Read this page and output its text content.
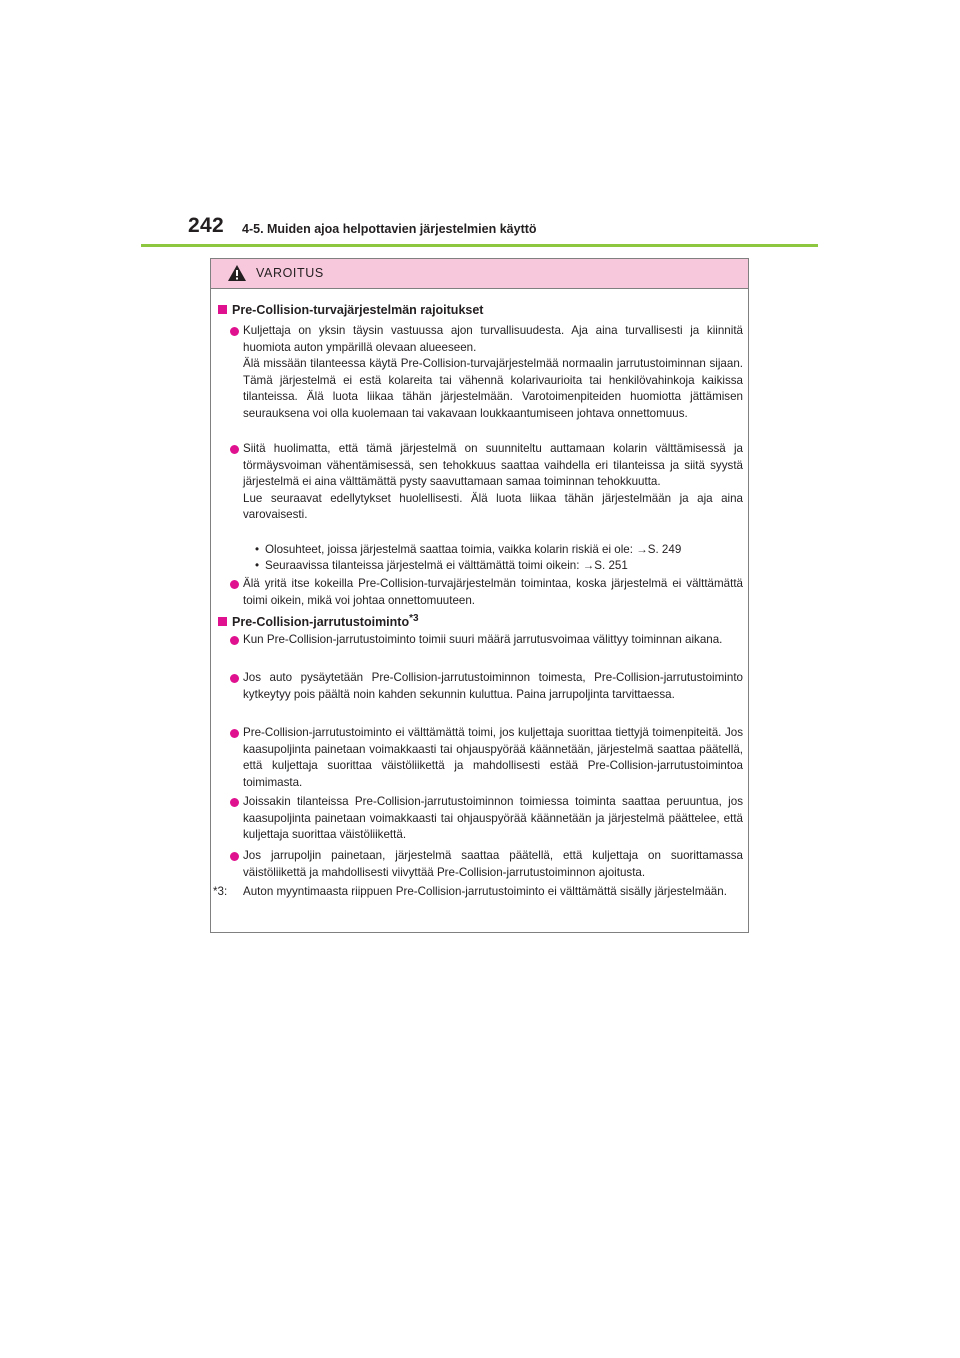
242 4-5. Muiden ajoa helpottavien järjestelmien käyttö
VAROITUS
Pre-Collision-turvajärjestelmän rajoitukset

Kuljettaja on yksin täysin vastuussa ajon turvallisuudesta. Aja aina turvallisesti ja kiinnitä huomiota auton ympärillä olevaan alueeseen.

Älä missään tilanteessa käytä Pre-Collision-turvajärjestelmää normaalin jarrutustoiminnan sijaan. Tämä järjestelmä ei estä kolareita tai vähennä kolarivaurioita tai henkilövahinkoja kaikissa tilanteissa. Älä luota liikaa tähän järjestelmään. Varotoimenpiteiden huomiotta jättämisen seurauksena voi olla kuolemaan tai vakavaan loukkaantumiseen johtava onnettomuus.

Siitä huolimatta, että tämä järjestelmä on suunniteltu auttamaan kolarin välttämisessä ja törmäysvoiman vähentämisessä, sen tehokkuus saattaa vaihdella eri tilanteissa ja siitä syystä järjestelmä ei aina välttämättä pysty saavuttamaan samaa toiminnan tehokkuutta.

Lue seuraavat edellytykset huolellisesti. Älä luota liikaa tähän järjestelmään ja aja aina varovaisesti.

• Olosuhteet, joissa järjestelmä saattaa toimia, vaikka kolarin riskiä ei ole: →S. 249
• Seuraavissa tilanteissa järjestelmä ei välttämättä toimi oikein: →S. 251

Älä yritä itse kokeilla Pre-Collision-turvajärjestelmän toimintaa, koska järjestelmä ei välttämättä toimi oikein, mikä voi johtaa onnettomuuteen.

Pre-Collision-jarrutustoiminto$^{*3}$

Kun Pre-Collision-jarrutustoiminto toimii suuri määrä jarrutusvoimaa välittyy toiminnan aikana.

Jos auto pysäytetään Pre-Collision-jarrutustoiminnon toimesta, Pre-Collision-jarrutustoiminto kytkeytyy pois päältä noin kahden sekunnin kuluttua. Paina jarrupoljinta tarvittaessa.

Pre-Collision-jarrutustoiminto ei välttämättä toimi, jos kuljettaja suorittaa tiettyjä toimenpiteitä. Jos kaasupoljinta painetaan voimakkaasti tai ohjauspyörää käännetään, järjestelmä saattaa päätellä, että kuljettaja suorittaa väistöliikettä ja mahdollisesti estää Pre-Collision-jarrutustoimintoa toimimasta.

Joissakin tilanteissa Pre-Collision-jarrutustoiminnon toimiessa toiminta saattaa peruuntua, jos kaasupoljinta painetaan voimakkaasti tai ohjauspyörää käännetään ja järjestelmä päättelee, että kuljettaja suorittaa väistöliikettä.

Jos jarrupoljin painetaan, järjestelmä saattaa päätellä, että kuljettaja on suorittamassa väistöliikettä ja mahdollisesti viivyttää Pre-Collision-jarrutustoiminnon ajoitusta.

*3: Auton myyntimaasta riippuen Pre-Collision-jarrutustoiminto ei välttämättä sisälly järjestelmään.
